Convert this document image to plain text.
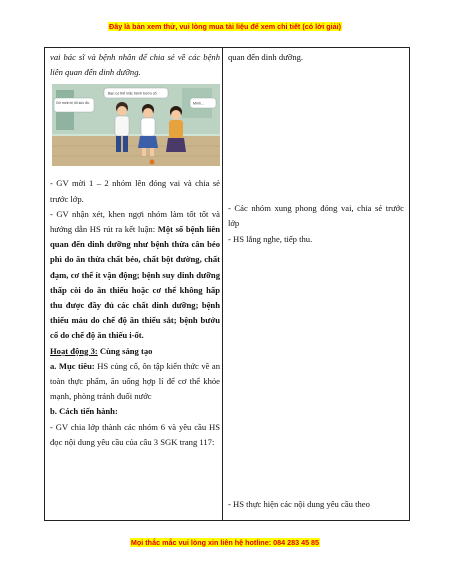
Đây là bản xem thử, vui lòng mua tài liệu để xem chi tiết (có lời giải)

vai bác sĩ và bệnh nhân để chia sẻ về các bệnh liên quan đến dinh dưỡng.

Gớ mình bị rỗi sức đồ.
Bạn có thể mắc bệnh bướu cổ.
Mình...

- GV mời 1 – 2 nhóm lên đóng vai và chia sẻ trước lớp.

- GV nhận xét, khen ngợi nhóm làm tốt tốt và hướng dẫn HS rút ra kết luận: Một số bệnh liên quan đến dinh dưỡng như bệnh thừa cân béo phì do ăn thừa chất béo, chất bột đường, chất đạm, cơ thể ít vận động; bệnh suy dinh dưỡng thấp còi do ăn thiếu hoặc cơ thể không hấp thu được đầy đủ các chất dinh dưỡng; bệnh thiếu máu do chế độ ăn thiếu sắt; bệnh bướu cổ do chế độ ăn thiếu i-ốt.

Hoạt động 3: Cùng sáng tạo

a. Mục tiêu: HS củng cố, ôn tập kiến thức về an toàn thực phẩm, ăn uống hợp lí để cơ thể khỏe mạnh, phòng tránh đuối nước

b. Cách tiến hành:

- GV chia lớp thành các nhóm 6 và yêu cầu HS đọc nội dung yêu cầu của câu 3 SGK trang 117:

quan đến dinh dưỡng.

- Các nhóm xung phong đóng vai, chia sẻ trước lớp

- HS lắng nghe, tiếp thu.

- HS thực hiện các nội dung yêu cầu theo

Mọi thắc mắc vui lòng xin liên hệ hotline: 084 283 45 85
